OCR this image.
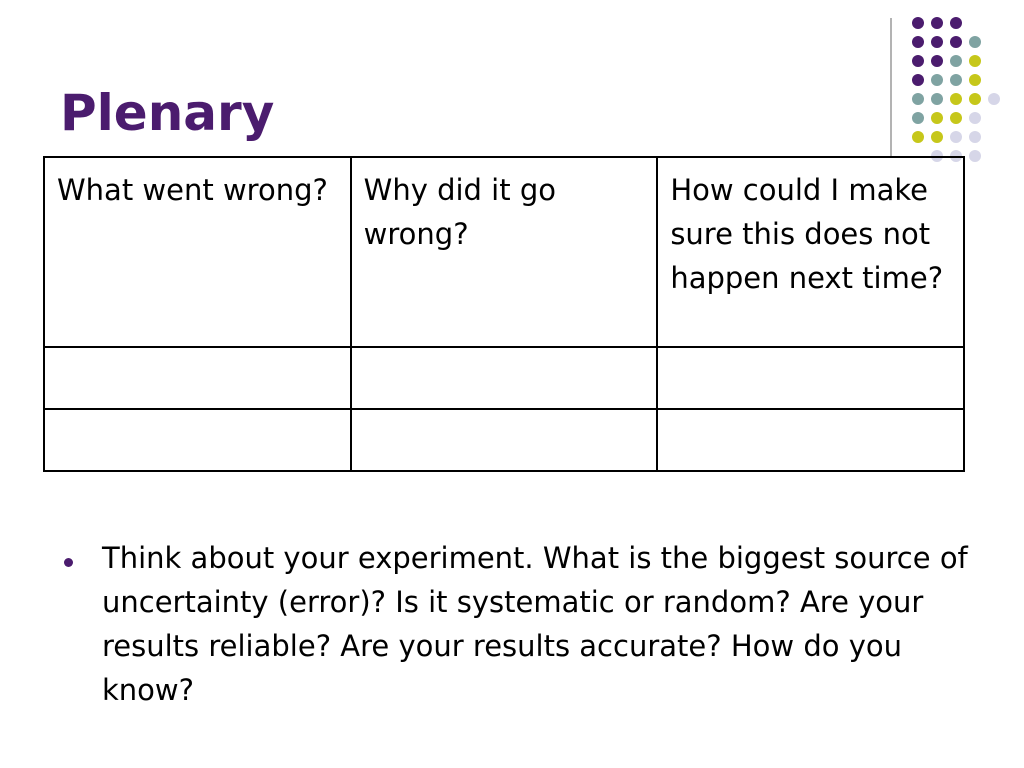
Plenary
What went wrong?	Why did it go wrong?	How could I make sure this does not happen next time?

Think about your experiment. What is the biggest source of uncertainty (error)? Is it systematic or random? Are your results reliable? Are your results accurate? How do you know?
